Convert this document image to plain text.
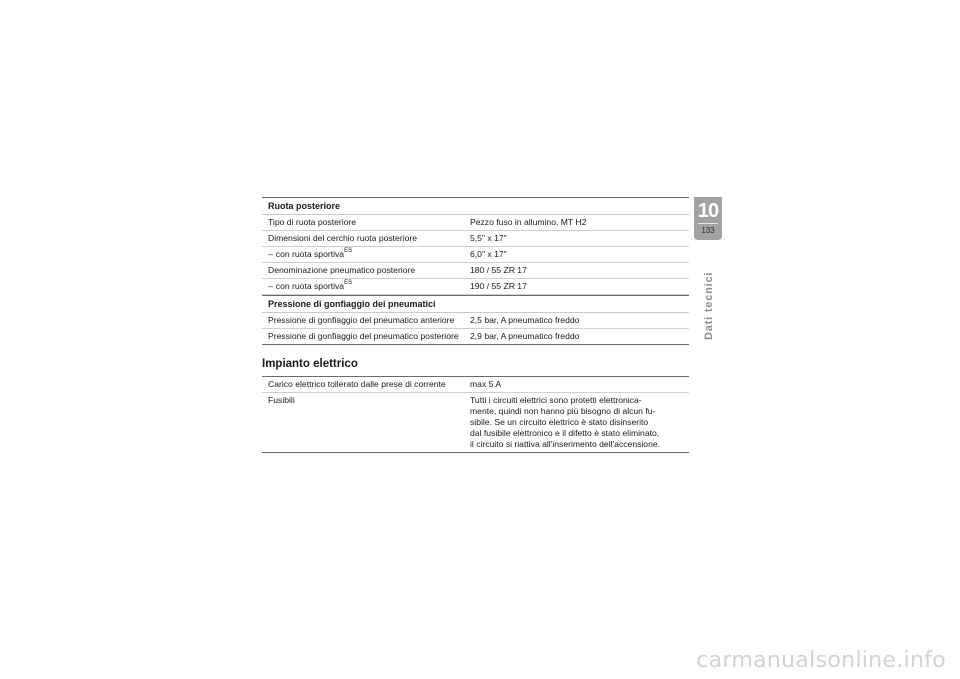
Ruota posteriore
Tipo di ruota posteriore	Pezzo fuso in allumino, MT H2
Dimensioni del cerchio ruota posteriore	5,5" x 17"
– con ruota sportiva$^{ES}$	6,0" x 17"
Denominazione pneumatico posteriore	180 / 55 ZR 17
– con ruota sportiva$^{ES}$	190 / 55 ZR 17
Pressione di gonfiaggio dei pneumatici
Pressione di gonfiaggio del pneumatico anteriore	2,5 bar, A pneumatico freddo
Pressione di gonfiaggio del pneumatico posteriore	2,9 bar, A pneumatico freddo
Impianto elettrico
Carico elettrico tollerato dalle prese di corrente	max 5 A
Fusibili	Tutti i circuiti elettrici sono protetti elettronica-
mente, quindi non hanno più bisogno di alcun fu-
sibile. Se un circuito elettrico è stato disinserito
dal fusibile elettronico e il difetto è stato eliminato,
il circuito si riattiva all'inserimento dell'accensione.
10
133
Dati tecnici
carmanualsonline.info
